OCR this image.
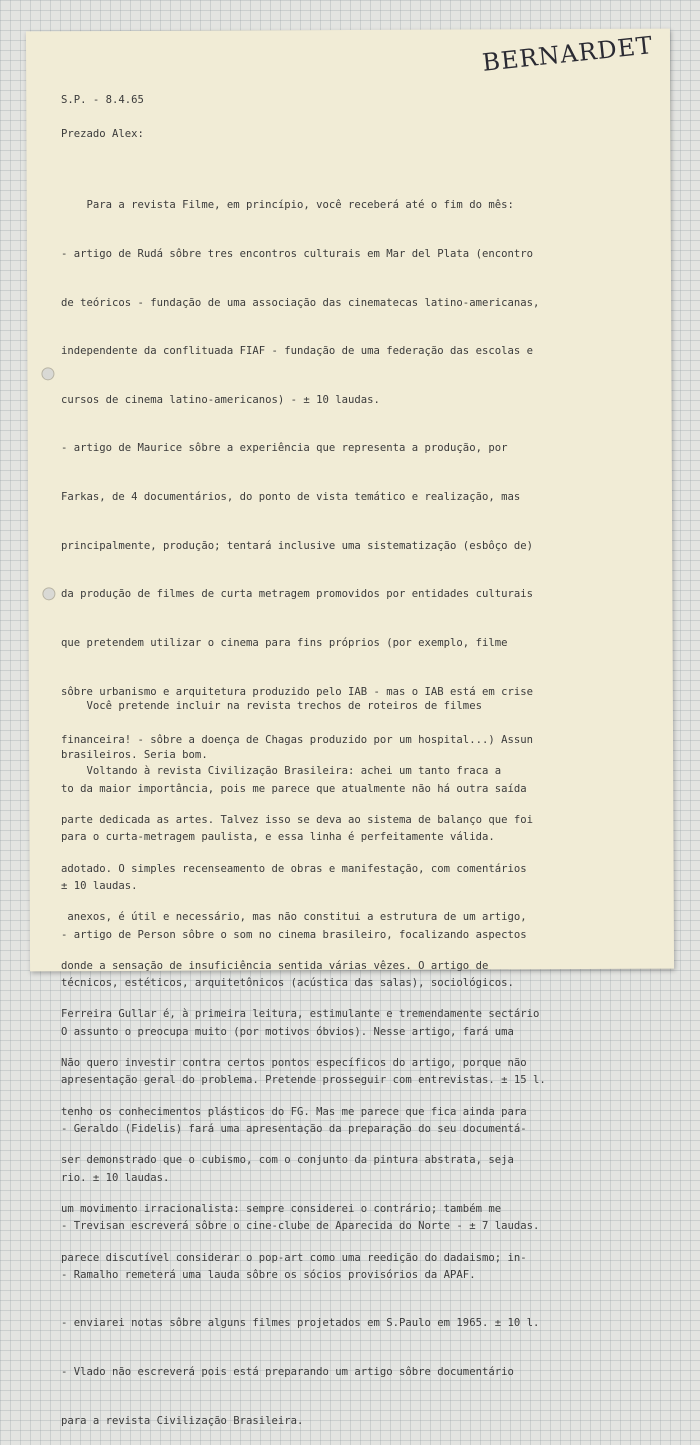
BERNARDET
S.P. - 8.4.65
Prezado Alex:

Para a revista Filme, em princípio, você receberá até o fim do mês:

- artigo de Rudá sôbre tres encontros culturais em Mar del Plata (encontro

de teóricos - fundação de uma associação das cinematecas latino-americanas,

independente da conflituada FIAF - fundação de uma federação das escolas e

cursos de cinema latino-americanos) - ± 10 laudas.

- artigo de Maurice sôbre a experiência que representa a produção, por

Farkas, de 4 documentários, do ponto de vista temático e realização, mas

principalmente, produção; tentará inclusive uma sistematização (esbôço de)

da produção de filmes de curta metragem promovidos por entidades culturais

que pretendem utilizar o cinema para fins próprios (por exemplo, filme

sôbre urbanismo e arquitetura produzido pelo IAB - mas o IAB está em crise

financeira! - sôbre a doença de Chagas produzido por um hospital...) Assun

to da maior importância, pois me parece que atualmente não há outra saída

para o curta-metragem paulista, e essa linha é perfeitamente válida.

± 10 laudas.

- artigo de Person sôbre o som no cinema brasileiro, focalizando aspectos

técnicos, estéticos, arquitetônicos (acústica das salas), sociológicos.

O assunto o preocupa muito (por motivos óbvios). Nesse artigo, fará uma

apresentação geral do problema. Pretende prosseguir com entrevistas. ± 15 l.

- Geraldo (Fidelis) fará uma apresentação da preparação do seu documentá-

rio. ± 10 laudas.

- Trevisan escreverá sôbre o cine-clube de Aparecida do Norte - ± 7 laudas.

- Ramalho remeterá uma lauda sôbre os sócios provisórios da APAF.

- enviarei notas sôbre alguns filmes projetados em S.Paulo em 1965. ± 10 l.

- Vlado não escreverá pois está preparando um artigo sôbre documentário

para a revista Civilização Brasileira.

Você pretende incluir na revista trechos de roteiros de filmes

brasileiros. Seria bom.

Voltando à revista Civilização Brasileira: achei um tanto fraca a

parte dedicada as artes. Talvez isso se deva ao sistema de balanço que foi

adotado. O simples recenseamento de obras e manifestação, com comentários

anexos, é útil e necessário, mas não constitui a estrutura de um artigo,

donde a sensação de insuficiência sentida várias vêzes. O artigo de

Ferreira Gullar é, à primeira leitura, estimulante e tremendamente sectário

Não quero investir contra certos pontos específicos do artigo, porque não

tenho os conhecimentos plásticos do FG. Mas me parece que fica ainda para

ser demonstrado que o cubismo, com o conjunto da pintura abstrata, seja

um movimento irracionalista: sempre considerei o contrário; também me

parece discutível considerar o pop-art como uma reedição do dadaismo; in-
